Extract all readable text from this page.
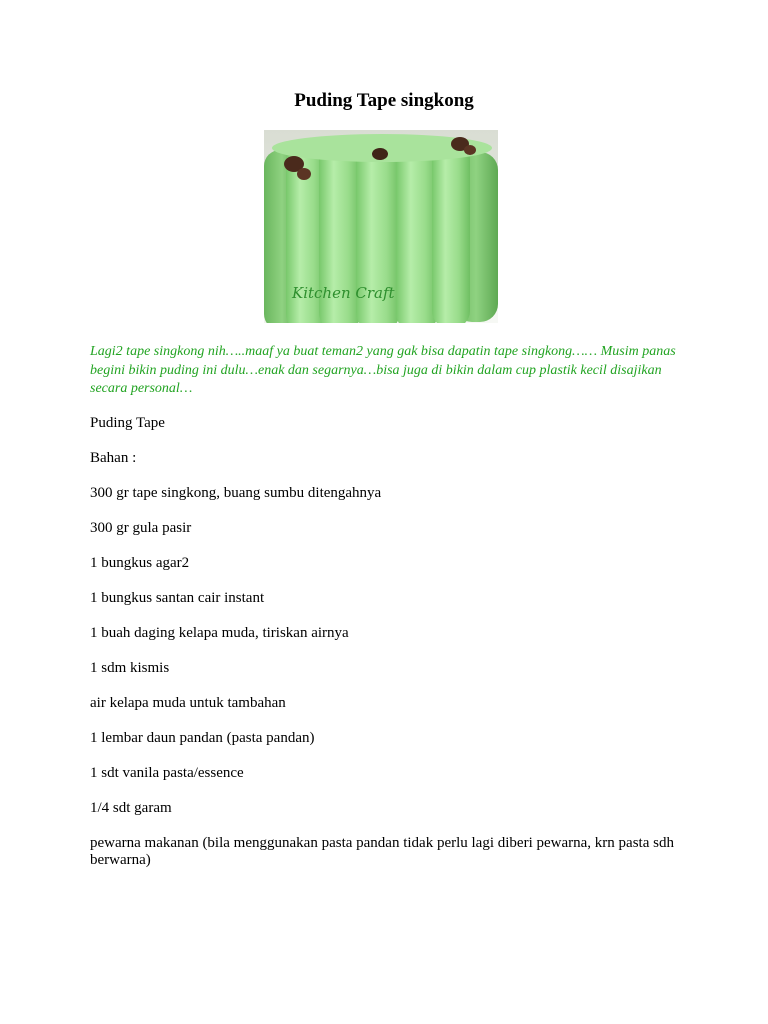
Puding Tape singkong
Kitchen Craft

Lagi2 tape singkong nih…..maaf ya buat teman2 yang gak bisa dapatin tape singkong…… Musim panas begini bikin puding ini dulu…enak dan segarnya…bisa juga di bikin dalam cup plastik kecil disajikan secara personal…

Puding Tape

Bahan :

300 gr tape singkong, buang sumbu ditengahnya

300 gr gula pasir

1 bungkus agar2

1 bungkus santan cair instant

1 buah daging kelapa muda, tiriskan airnya

1 sdm kismis

air kelapa muda untuk tambahan

1 lembar daun pandan (pasta pandan)

1 sdt vanila pasta/essence

1/4 sdt garam

pewarna makanan (bila menggunakan pasta pandan tidak perlu lagi diberi pewarna, krn pasta sdh berwarna)
